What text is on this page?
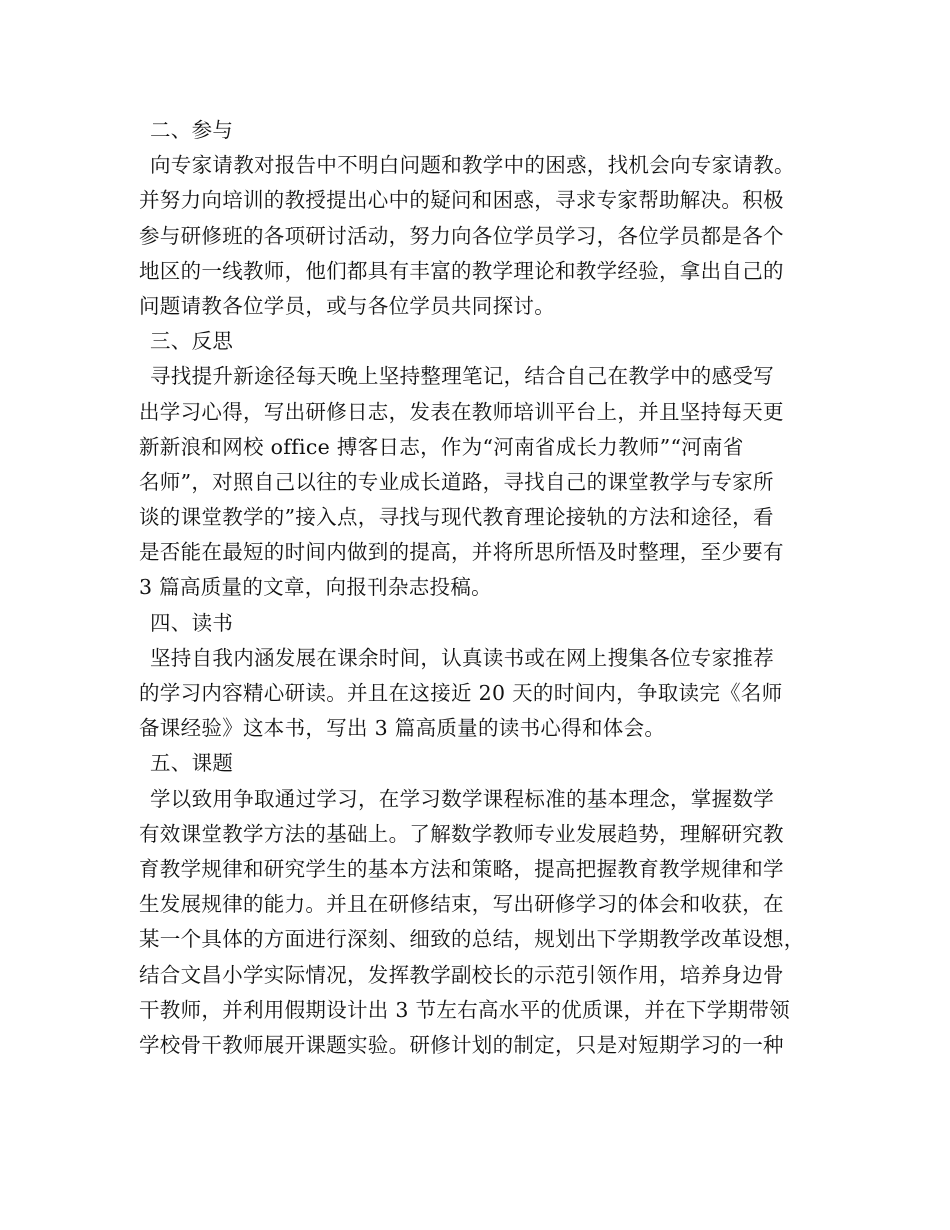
二、参与
向专家请教对报告中不明白问题和教学中的困惑，找机会向专家请教。
并努力向培训的教授提出心中的疑问和困惑，寻求专家帮助解决。积极
参与研修班的各项研讨活动，努力向各位学员学习，各位学员都是各个
地区的一线教师，他们都具有丰富的教学理论和教学经验，拿出自己的
问题请教各位学员，或与各位学员共同探讨。
三、反思
寻找提升新途径每天晚上坚持整理笔记，结合自己在教学中的感受写
出学习心得，写出研修日志，发表在教师培训平台上，并且坚持每天更
新新浪和网校 office 搏客日志，作为“河南省成长力教师”“河南省
名师”，对照自己以往的专业成长道路，寻找自己的课堂教学与专家所
谈的课堂教学的”接入点，寻找与现代教育理论接轨的方法和途径，看
是否能在最短的时间内做到的提高，并将所思所悟及时整理，至少要有
3 篇高质量的文章，向报刊杂志投稿。
四、读书
坚持自我内涵发展在课余时间，认真读书或在网上搜集各位专家推荐
的学习内容精心研读。并且在这接近 20 天的时间内，争取读完《名师
备课经验》这本书，写出 3 篇高质量的读书心得和体会。
五、课题
学以致用争取通过学习，在学习数学课程标准的基本理念，掌握数学
有效课堂教学方法的基础上。了解数学教师专业发展趋势，理解研究教
育教学规律和研究学生的基本方法和策略，提高把握教育教学规律和学
生发展规律的能力。并且在研修结束，写出研修学习的体会和收获，在
某一个具体的方面进行深刻、细致的总结，规划出下学期教学改革设想，
结合文昌小学实际情况，发挥教学副校长的示范引领作用，培养身边骨
干教师，并利用假期设计出 3 节左右高水平的优质课，并在下学期带领
学校骨干教师展开课题实验。研修计划的制定，只是对短期学习的一种
